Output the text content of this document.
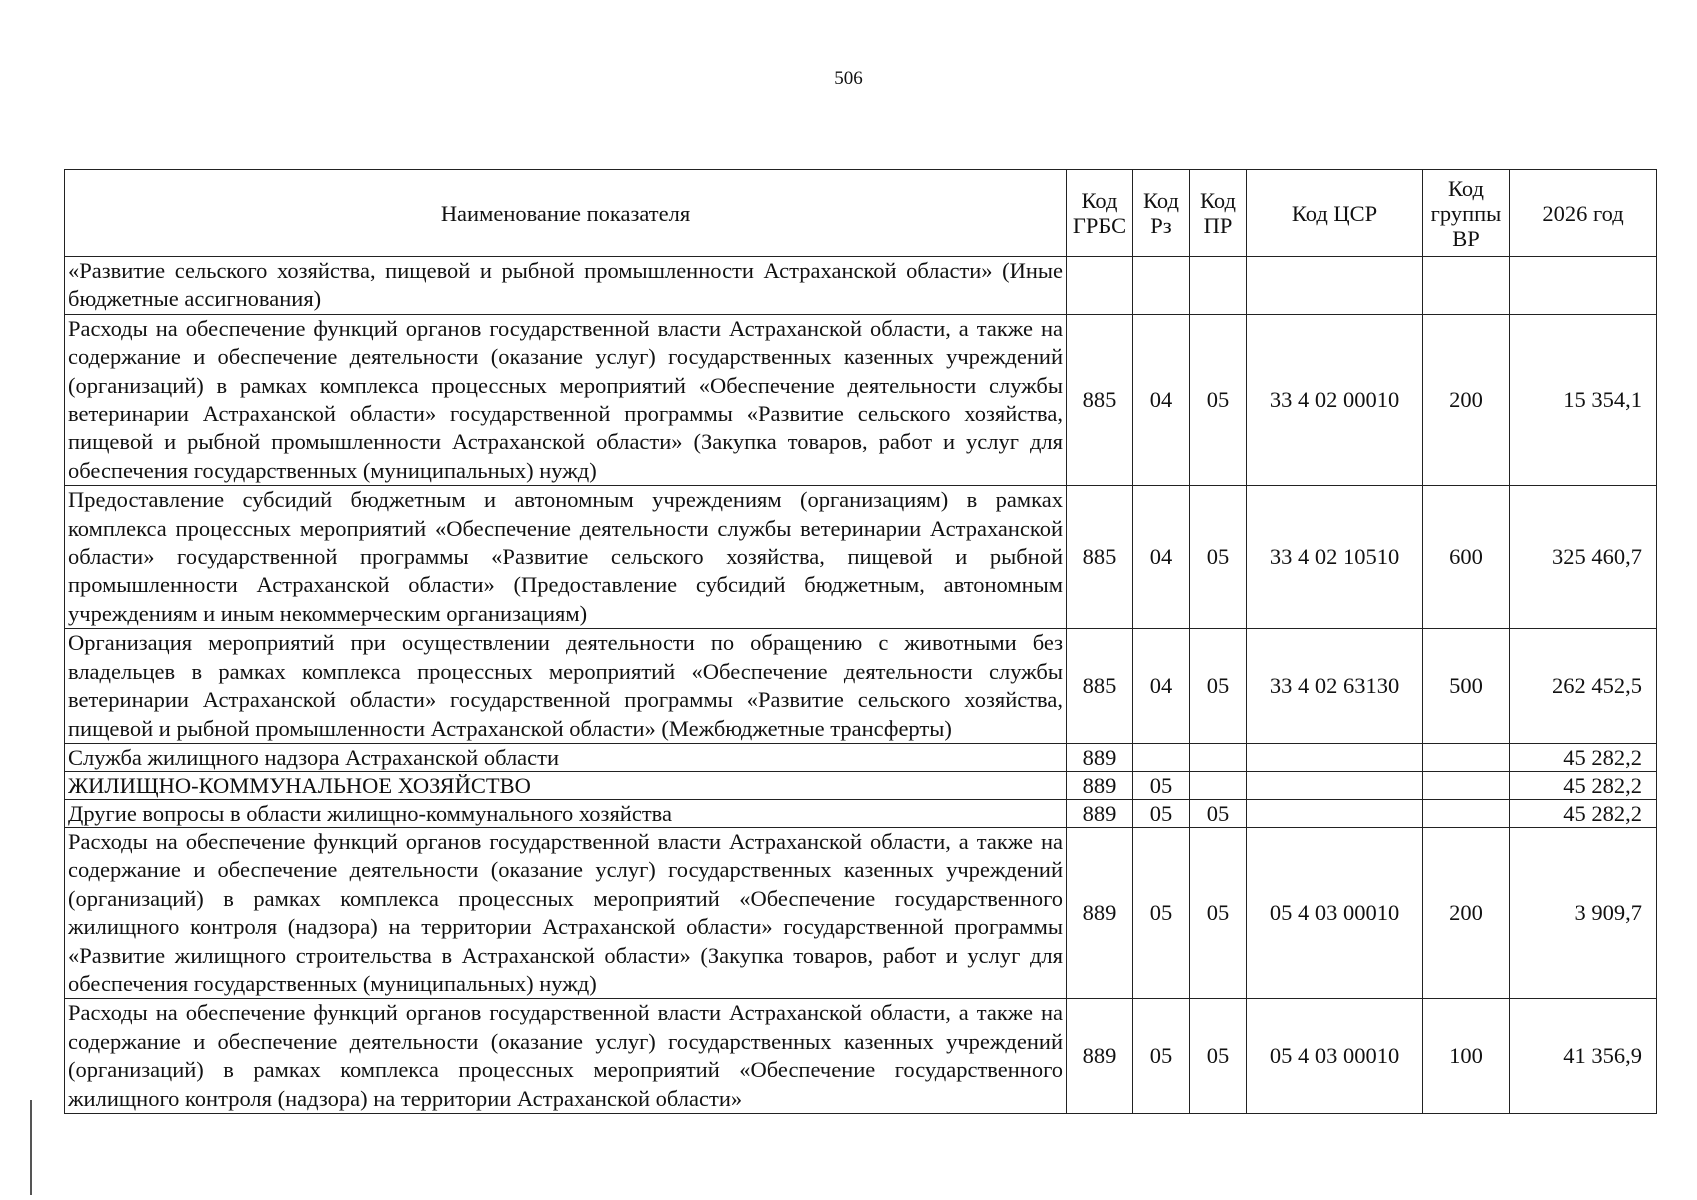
506
Наименование показателя	Код ГРБС	Код Рз	Код ПР	Код ЦСР	Код группы ВР	2026 год
«Развитие сельского хозяйства, пищевой и рыбной промышленности Астраханской области» (Иные бюджетные ассигнования)						
Расходы на обеспечение функций органов государственной власти Астраханской области, а также на содержание и обеспечение деятельности (оказание услуг) государственных казенных учреждений (организаций) в рамках комплекса процессных мероприятий «Обеспечение деятельности службы ветеринарии Астраханской области» государственной программы «Развитие сельского хозяйства, пищевой и рыбной промышленности Астраханской области» (Закупка товаров, работ и услуг для обеспечения государственных (муниципальных) нужд)	885	04	05	33 4 02 00010	200	15 354,1
Предоставление субсидий бюджетным и автономным учреждениям (организациям) в рамках комплекса процессных мероприятий «Обеспечение деятельности службы ветеринарии Астраханской области» государственной программы «Развитие сельского хозяйства, пищевой и рыбной промышленности Астраханской области» (Предоставление субсидий бюджетным, автономным учреждениям и иным некоммерческим организациям)	885	04	05	33 4 02 10510	600	325 460,7
Организация мероприятий при осуществлении деятельности по обращению с животными без владельцев в рамках комплекса процессных мероприятий «Обеспечение деятельности службы ветеринарии Астраханской области» государственной программы «Развитие сельского хозяйства, пищевой и рыбной промышленности Астраханской области» (Межбюджетные трансферты)	885	04	05	33 4 02 63130	500	262 452,5
Служба жилищного надзора Астраханской области	889					45 282,2
ЖИЛИЩНО-КОММУНАЛЬНОЕ ХОЗЯЙСТВО	889	05				45 282,2
Другие вопросы в области жилищно-коммунального хозяйства	889	05	05			45 282,2
Расходы на обеспечение функций органов государственной власти Астраханской области, а также на содержание и обеспечение деятельности (оказание услуг) государственных казенных учреждений (организаций) в рамках комплекса процессных мероприятий «Обеспечение государственного жилищного контроля (надзора) на территории Астраханской области» государственной программы «Развитие жилищного строительства в Астраханской области» (Закупка товаров, работ и услуг для обеспечения государственных (муниципальных) нужд)	889	05	05	05 4 03 00010	200	3 909,7
Расходы на обеспечение функций органов государственной власти Астраханской области, а также на содержание и обеспечение деятельности (оказание услуг) государственных казенных учреждений (организаций) в рамках комплекса процессных мероприятий «Обеспечение государственного жилищного контроля (надзора) на территории Астраханской области»	889	05	05	05 4 03 00010	100	41 356,9
